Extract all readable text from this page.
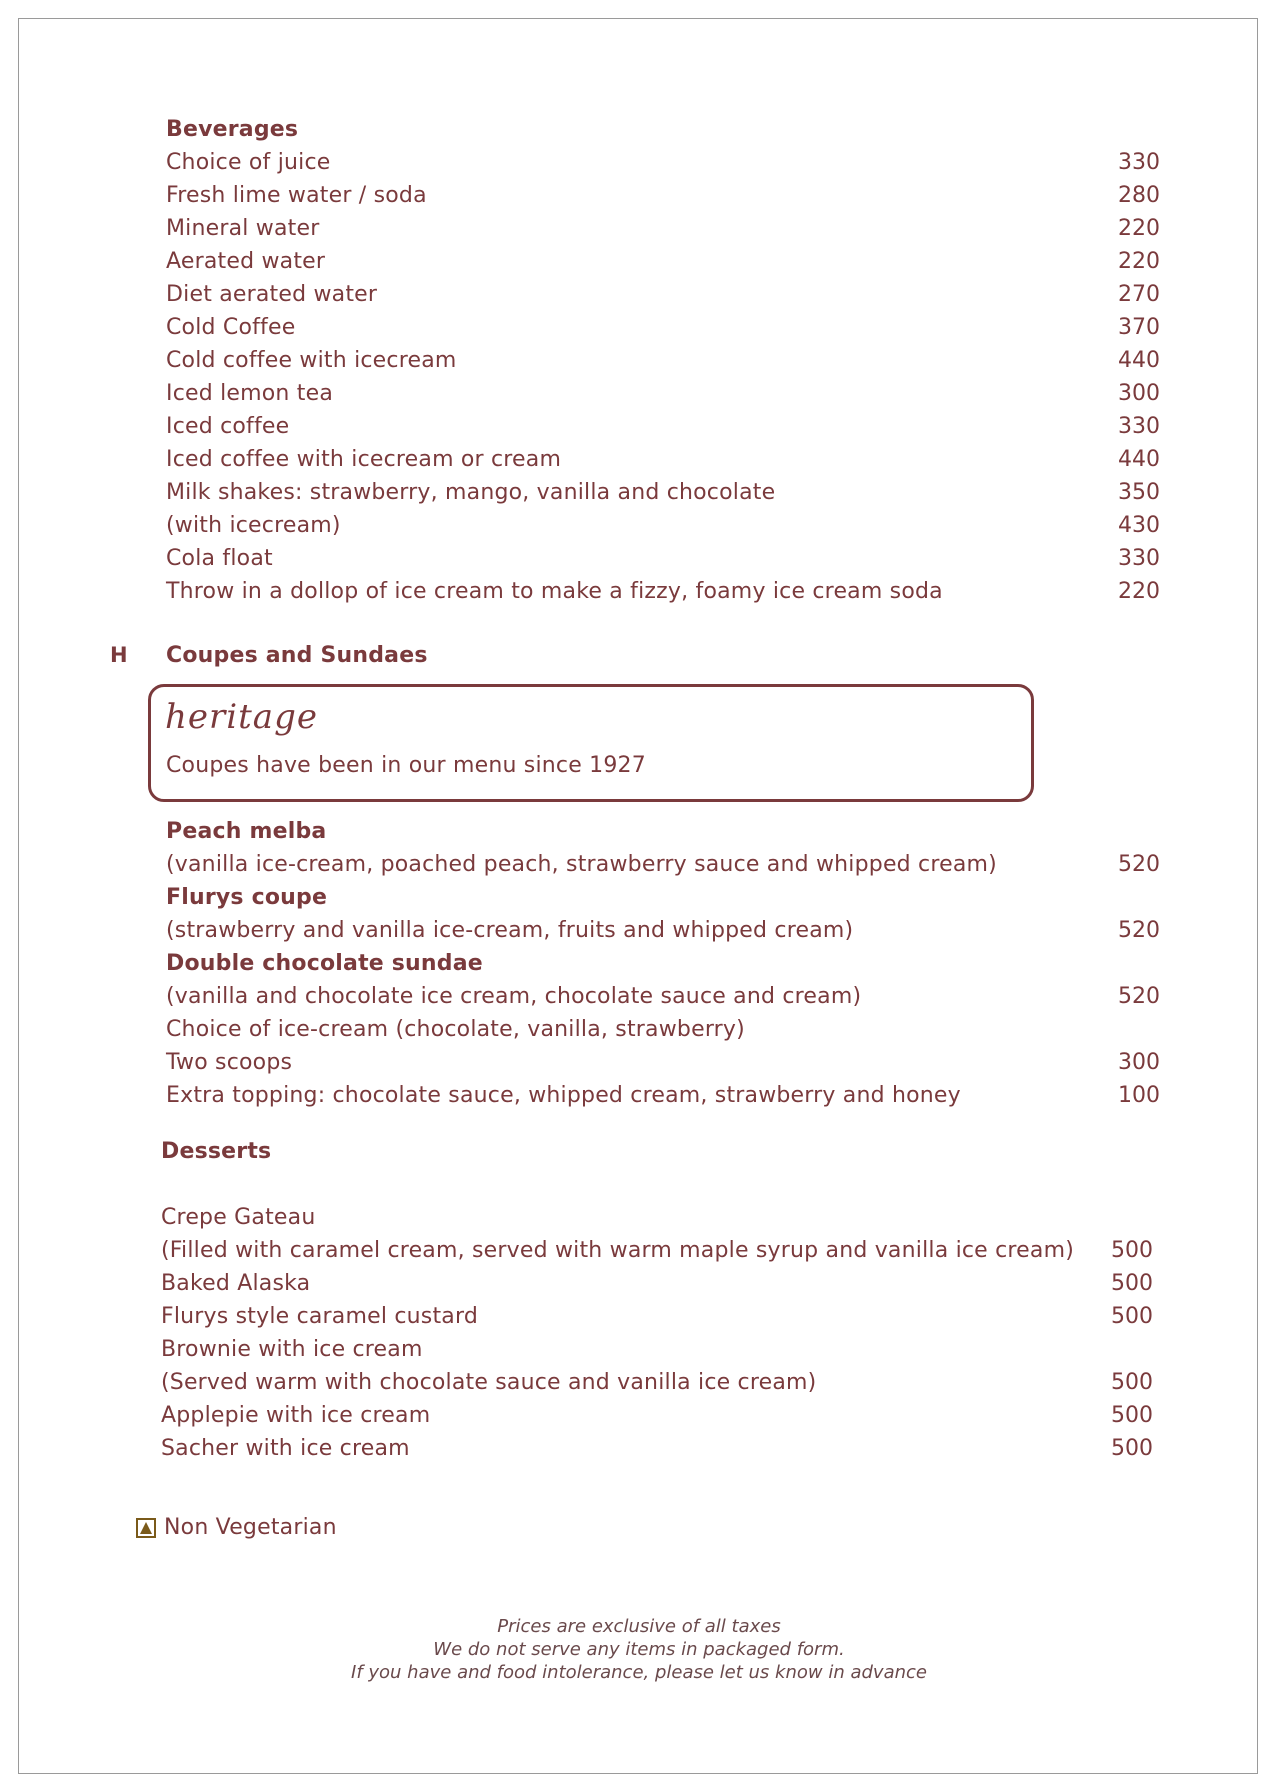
Beverages
Choice of juice	330
Fresh lime water / soda	280
Mineral water	220
Aerated water	220
Diet aerated water	270
Cold Coffee	370
Cold coffee with icecream	440
Iced lemon tea	300
Iced coffee	330
Iced coffee with icecream or cream	440
Milk shakes: strawberry, mango, vanilla and chocolate	350
(with icecream)	430
Cola float	330
Throw in a dollop of ice cream to make a fizzy, foamy ice cream soda	220
H Coupes and Sundaes
heritage
Coupes have been in our menu since 1927
Peach melba
(vanilla ice-cream, poached peach, strawberry sauce and whipped cream)	520
Flurys coupe
(strawberry and vanilla ice-cream, fruits and whipped cream)	520
Double chocolate sundae
(vanilla and chocolate ice cream, chocolate sauce and cream)	520
Choice of ice-cream (chocolate, vanilla, strawberry)
Two scoops	300
Extra topping: chocolate sauce, whipped cream, strawberry and honey	100
Desserts
Crepe Gateau
(Filled with caramel cream, served with warm maple syrup and vanilla ice cream)	500
Baked Alaska	500
Flurys style caramel custard	500
Brownie with ice cream
(Served warm with chocolate sauce and vanilla ice cream)	500
Applepie with ice cream	500
Sacher with ice cream	500
Non Vegetarian
Prices are exclusive of all taxes
We do not serve any items in packaged form.
If you have and food intolerance, please let us know in advance
